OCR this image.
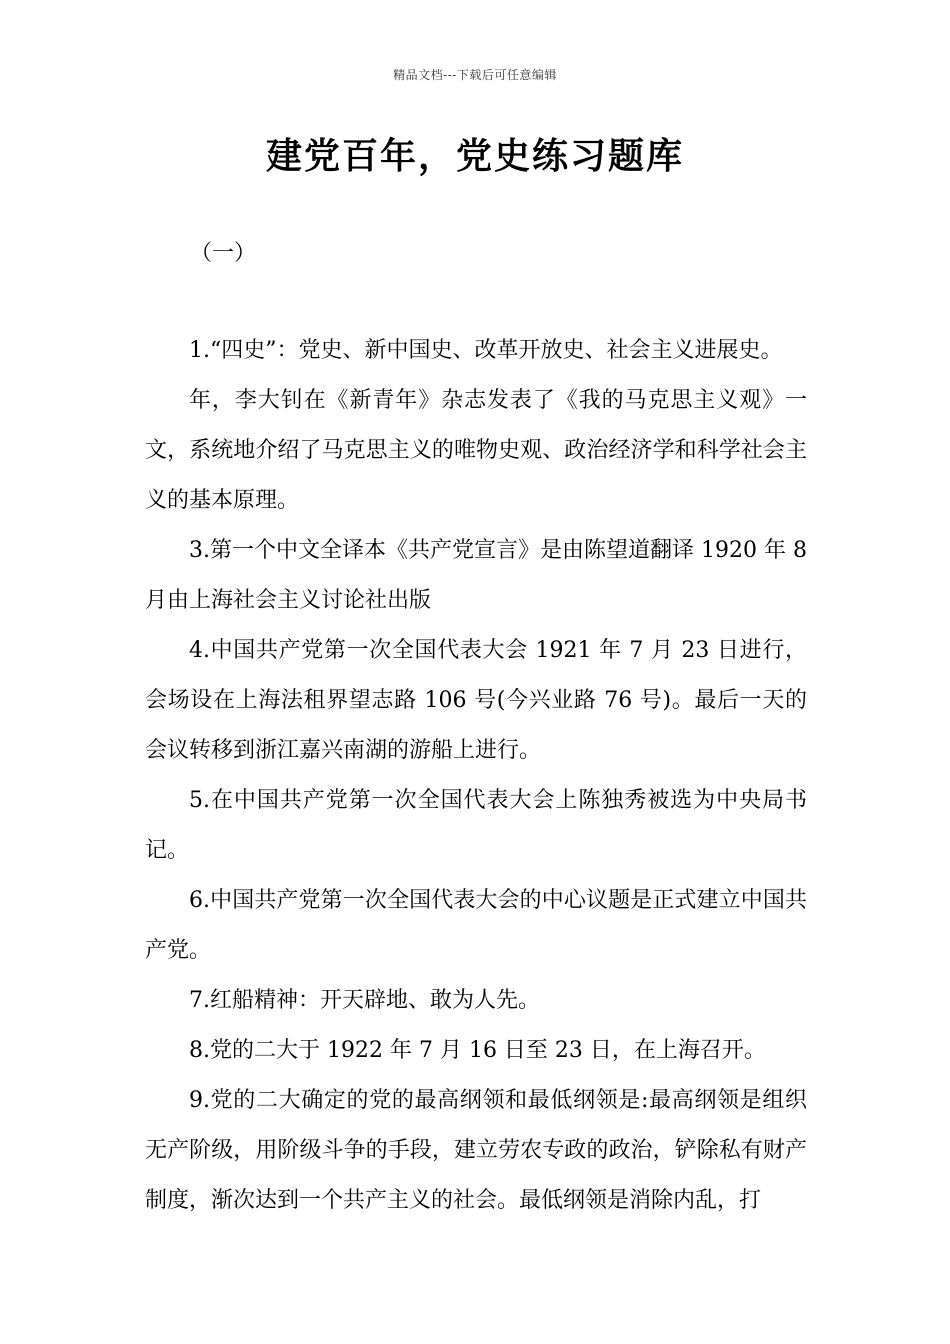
精品文档---下载后可任意编辑
建党百年，党史练习题库
（一）

1.“四史”：党史、新中国史、改革开放史、社会主义进展史。

年，李大钊在《新青年》杂志发表了《我的马克思主义观》一文，系统地介绍了马克思主义的唯物史观、政治经济学和科学社会主义的基本原理。

3.第一个中文全译本《共产党宣言》是由陈望道翻译 1920 年 8 月由上海社会主义讨论社出版

4.中国共产党第一次全国代表大会 1921 年 7 月 23 日进行，会场设在上海法租界望志路 106 号(今兴业路 76 号)。最后一天的会议转移到浙江嘉兴南湖的游船上进行。

5.在中国共产党第一次全国代表大会上陈独秀被选为中央局书记。

6.中国共产党第一次全国代表大会的中心议题是正式建立中国共产党。

7.红船精神：开天辟地、敢为人先。

8.党的二大于 1922 年 7 月 16 日至 23 日，在上海召开。

9.党的二大确定的党的最高纲领和最低纲领是:最高纲领是组织无产阶级，用阶级斗争的手段，建立劳农专政的政治，铲除私有财产制度，渐次达到一个共产主义的社会。最低纲领是消除内乱，打
